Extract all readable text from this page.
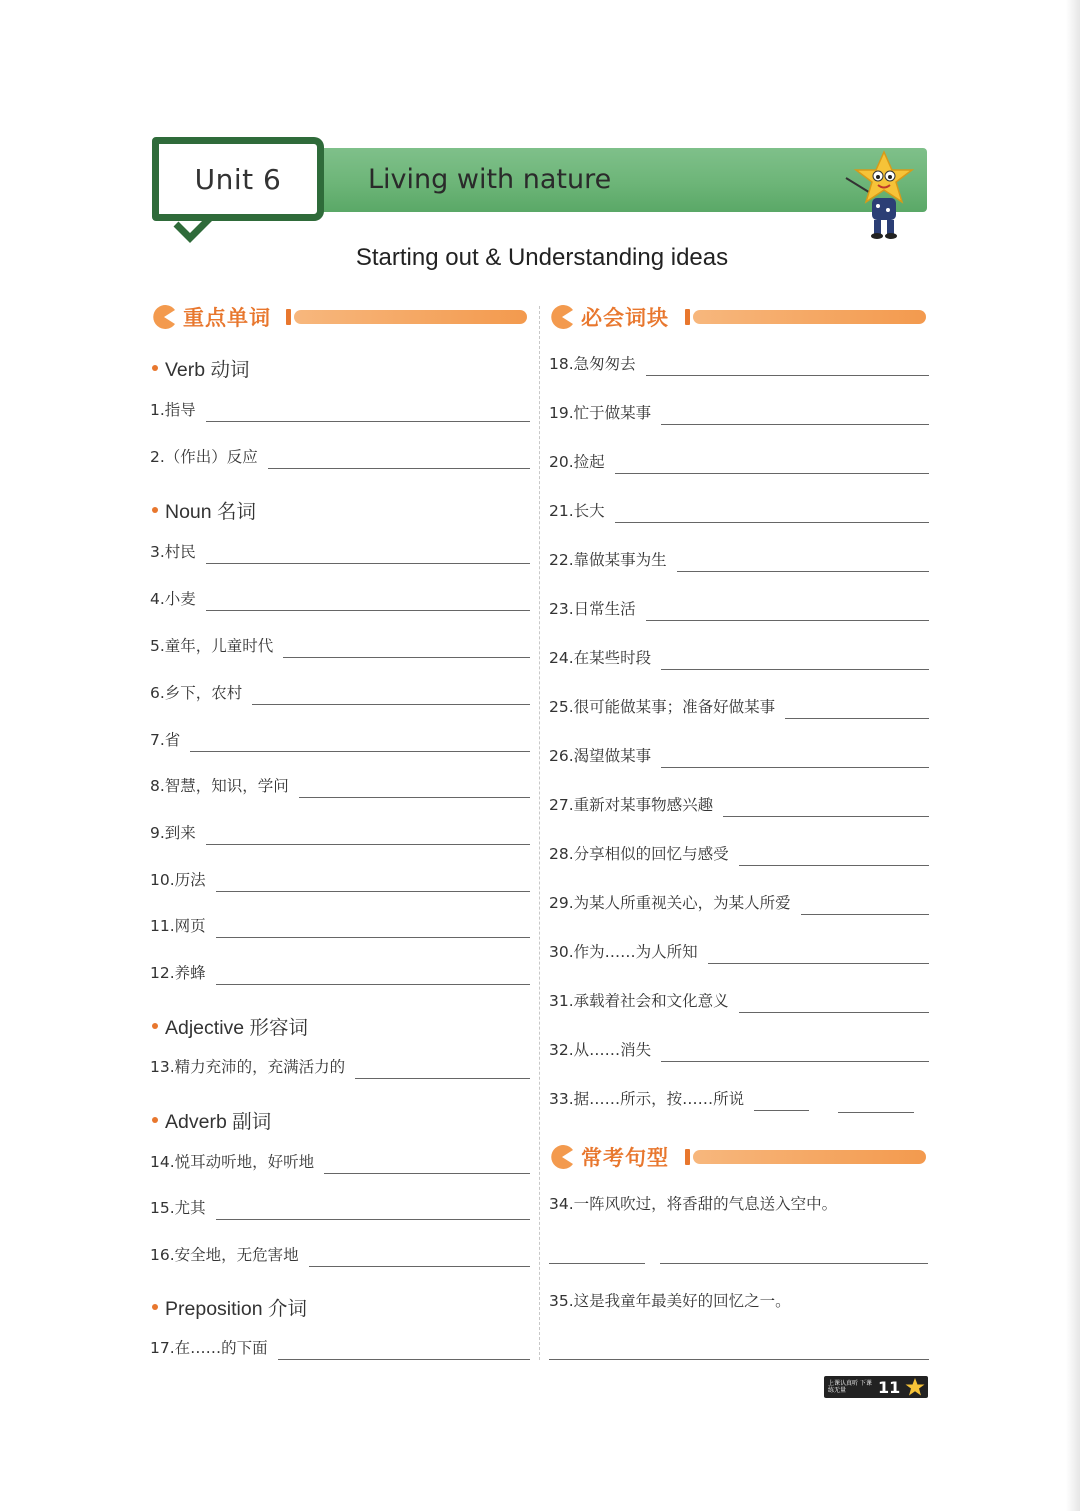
Unit 6	Living with nature
Starting out & Understanding ideas
重点单词	必会词块
Verb 动词
1.指导
2.（作出）反应
Noun 名词
3.村民
4.小麦
5.童年，儿童时代
6.乡下，农村
7.省
8.智慧，知识，学问
9.到来
10.历法
11.网页
12.养蜂
Adjective 形容词
13.精力充沛的，充满活力的
Adverb 副词
14.悦耳动听地，好听地
15.尤其
16.安全地，无危害地
Preposition 介词
17.在……的下面
18.急匆匆去
19.忙于做某事
20.捡起
21.长大
22.靠做某事为生
23.日常生活
24.在某些时段
25.很可能做某事；准备好做某事
26.渴望做某事
27.重新对某事物感兴趣
28.分享相似的回忆与感受
29.为某人所重视关心，为某人所爱
30.作为……为人所知
31.承载着社会和文化意义
32.从……消失
33.据……所示，按……所说
常考句型
34.一阵风吹过，将香甜的气息送入空中。
35.这是我童年最美好的回忆之一。
上课认真听 下课练无量	11
